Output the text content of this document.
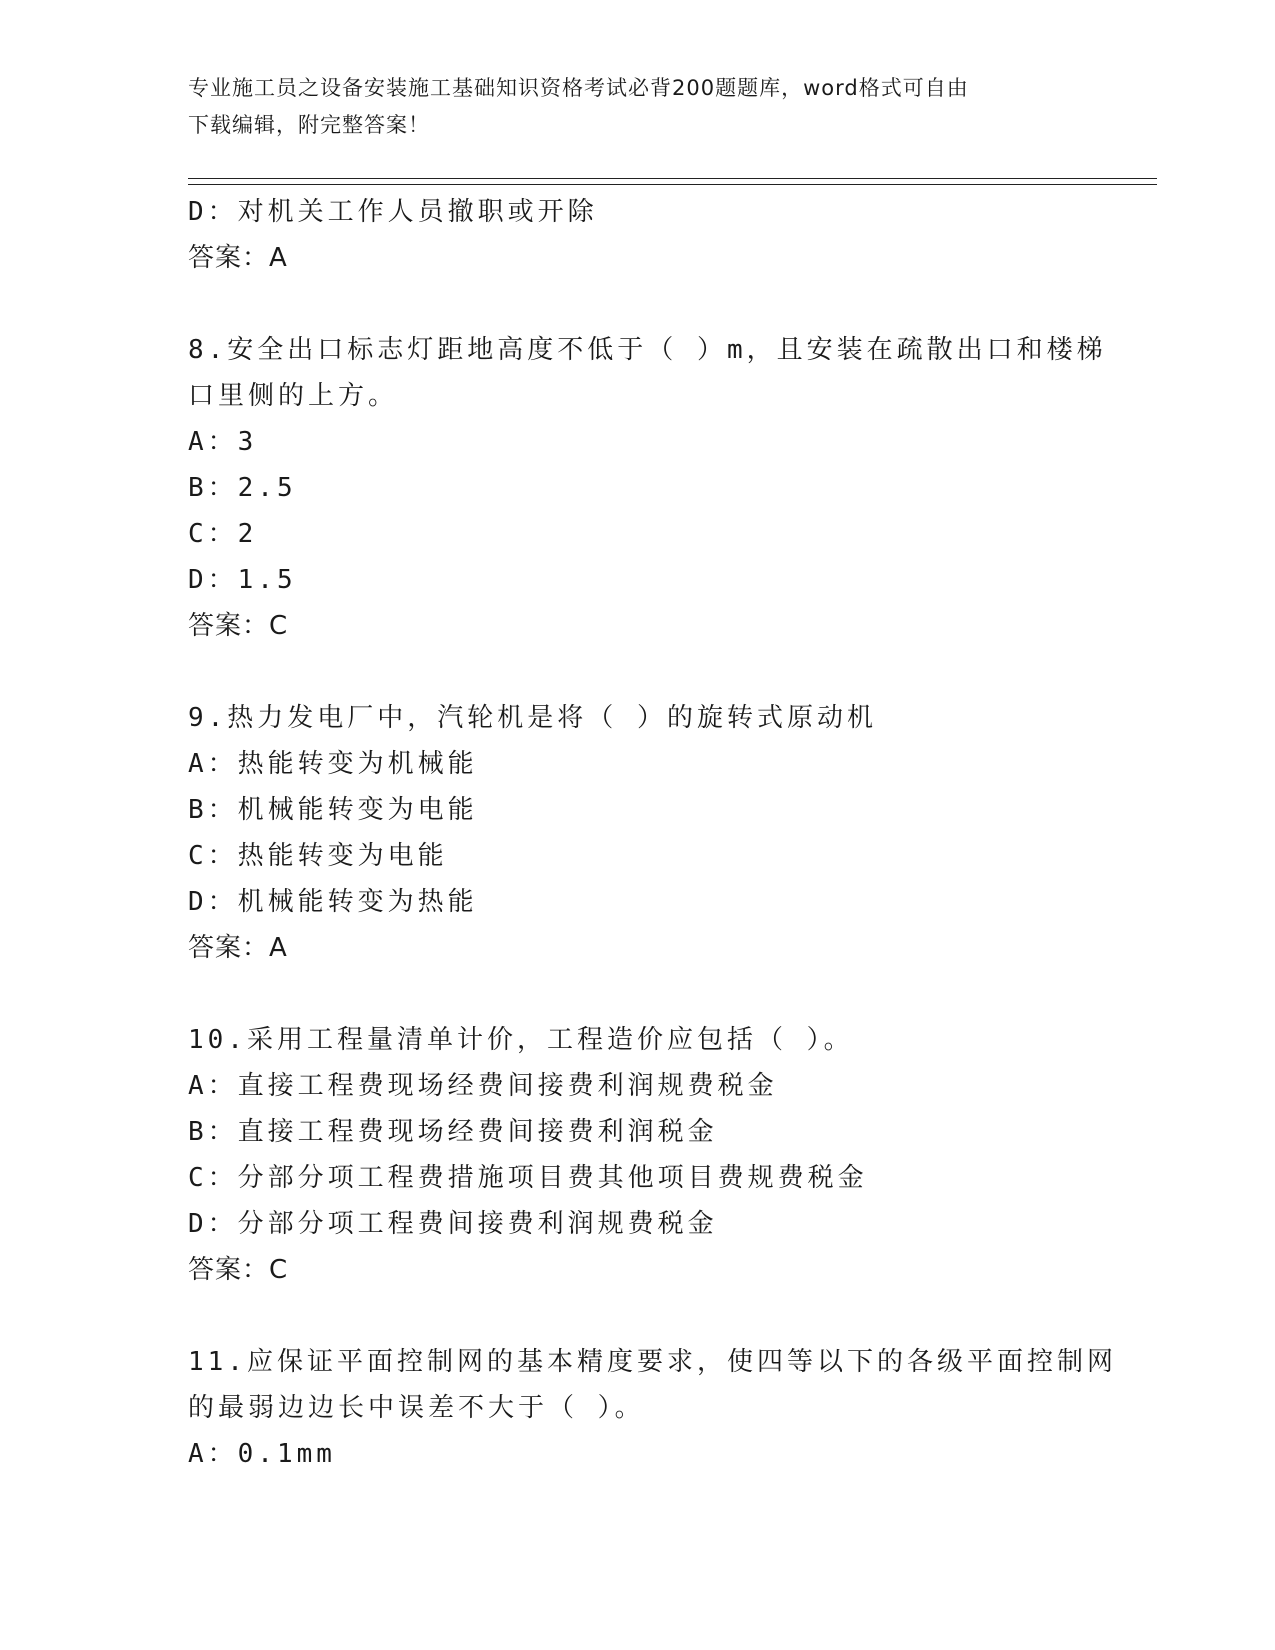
专业施工员之设备安装施工基础知识资格考试必背200题题库，word格式可自由
下载编辑，附完整答案！
D：对机关工作人员撤职或开除
答案：A
8.安全出口标志灯距地高度不低于（ ）m，且安装在疏散出口和楼梯
口里侧的上方。
A：3
B：2.5
C：2
D：1.5
答案：C
9.热力发电厂中，汽轮机是将（ ）的旋转式原动机
A：热能转变为机械能
B：机械能转变为电能
C：热能转变为电能
D：机械能转变为热能
答案：A
10.采用工程量清单计价，工程造价应包括（ ）。
A：直接工程费现场经费间接费利润规费税金
B：直接工程费现场经费间接费利润税金
C：分部分项工程费措施项目费其他项目费规费税金
D：分部分项工程费间接费利润规费税金
答案：C
11.应保证平面控制网的基本精度要求，使四等以下的各级平面控制网
的最弱边边长中误差不大于（ ）。
A：0.1mm
